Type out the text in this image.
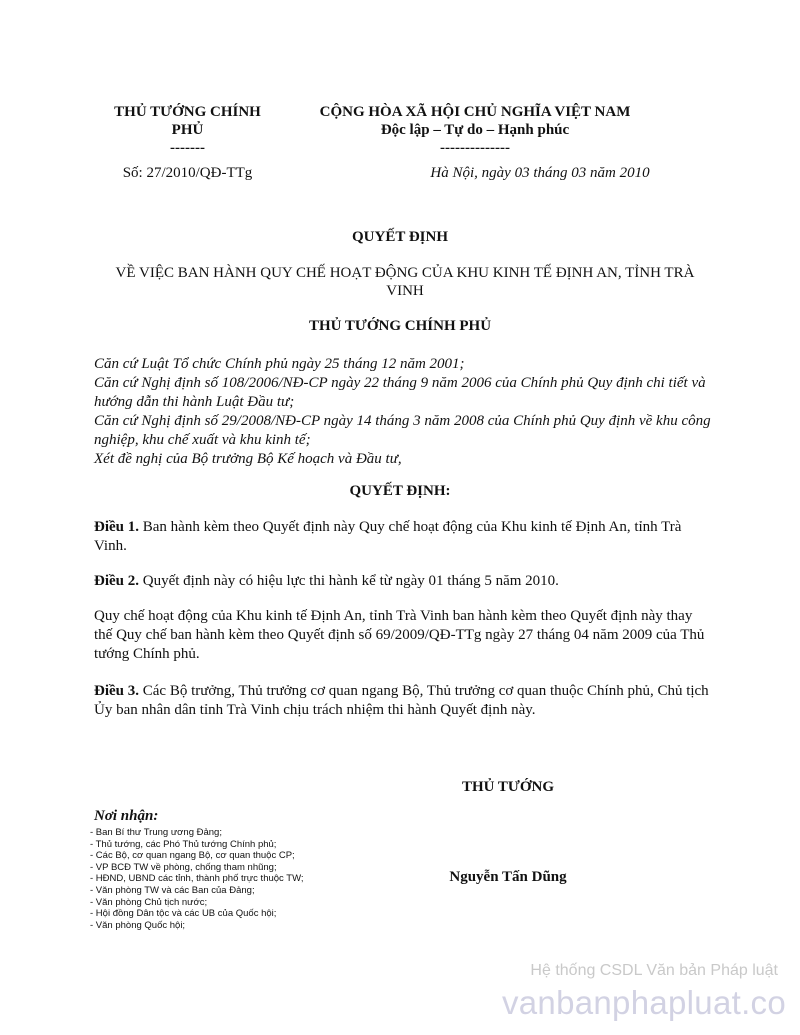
THỦ TƯỚNG CHÍNH
PHỦ
-------
Số: 27/2010/QĐ-TTg
CỘNG HÒA XÃ HỘI CHỦ NGHĨA VIỆT NAM
Độc lập – Tự do – Hạnh phúc
--------------
Hà Nội, ngày 03 tháng 03 năm 2010
QUYẾT ĐỊNH
VỀ VIỆC BAN HÀNH QUY CHẾ HOẠT ĐỘNG CỦA KHU KINH TẾ ĐỊNH AN, TỈNH TRÀ
VINH
THỦ TƯỚNG CHÍNH PHỦ

Căn cứ Luật Tổ chức Chính phủ ngày 25 tháng 12 năm 2001;

Căn cứ Nghị định số 108/2006/NĐ-CP ngày 22 tháng 9 năm 2006 của Chính phủ Quy định chi tiết và hướng dẫn thi hành Luật Đầu tư;

Căn cứ Nghị định số 29/2008/NĐ-CP ngày 14 tháng 3 năm 2008 của Chính phủ Quy định về khu công nghiệp, khu chế xuất và khu kinh tế;

Xét đề nghị của Bộ trưởng Bộ Kế hoạch và Đầu tư,

QUYẾT ĐỊNH:
Điều 1. Ban hành kèm theo Quyết định này Quy chế hoạt động của Khu kinh tế Định An, tỉnh Trà Vinh.
Điều 2. Quyết định này có hiệu lực thi hành kể từ ngày 01 tháng 5 năm 2010.
Quy chế hoạt động của Khu kinh tế Định An, tỉnh Trà Vinh ban hành kèm theo Quyết định này thay thế Quy chế ban hành kèm theo Quyết định số 69/2009/QĐ-TTg ngày 27 tháng 04 năm 2009 của Thủ tướng Chính phủ.
Điều 3. Các Bộ trưởng, Thủ trưởng cơ quan ngang Bộ, Thủ trưởng cơ quan thuộc Chính phủ, Chủ tịch Ủy ban nhân dân tỉnh Trà Vinh chịu trách nhiệm thi hành Quyết định này.
THỦ TƯỚNG
Nguyễn Tấn Dũng
Nơi nhận:
- Ban Bí thư Trung ương Đảng;
- Thủ tướng, các Phó Thủ tướng Chính phủ;
- Các Bộ, cơ quan ngang Bộ, cơ quan thuộc CP;
- VP BCĐ TW về phòng, chống tham nhũng;
- HĐND, UBND các tỉnh, thành phố trực thuộc TW;
- Văn phòng TW và các Ban của Đảng;
- Văn phòng Chủ tịch nước;
- Hội đồng Dân tộc và các UB của Quốc hội;
- Văn phòng Quốc hội;
Hệ thống CSDL Văn bản Pháp luật
vanbanphapluat.co
